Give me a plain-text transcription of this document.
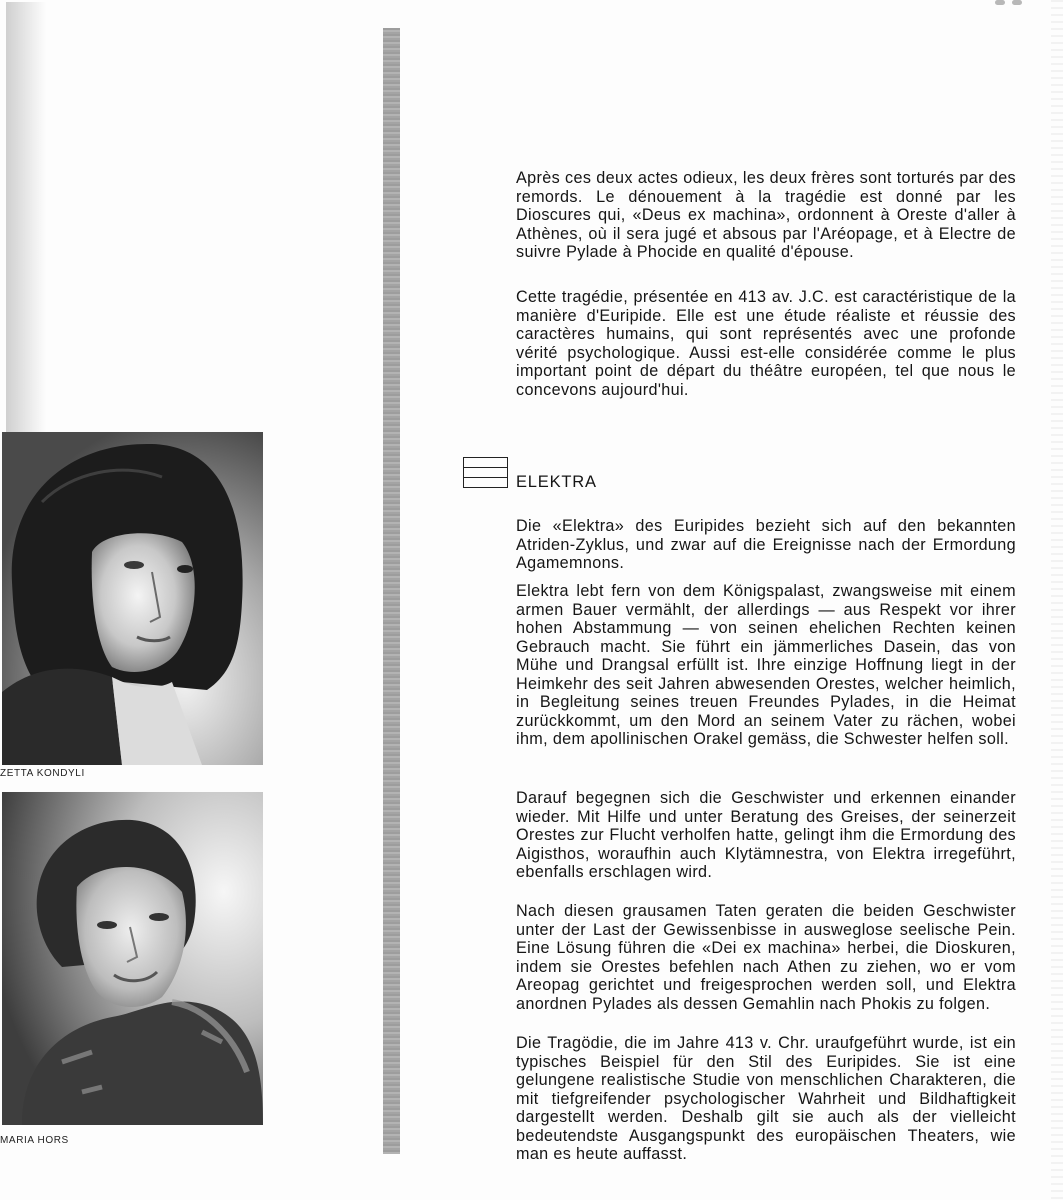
ZETTA KONDYLI
MARIA HORS

Après ces deux actes odieux, les deux frères sont torturés par des remords. Le dénouement à la tragédie est donné par les Dioscures qui, «Deus ex machina», ordonnent à Oreste d'aller à Athènes, où il sera jugé et absous par l'Aréopage, et à Electre de suivre Pylade à Phocide en qualité d'épouse.

Cette tragédie, présentée en 413 av. J.C. est caractéristique de la manière d'Euripide. Elle est une étude réaliste et réussie des caractères humains, qui sont représentés avec une profonde vérité psychologique. Aussi est-elle considérée comme le plus important point de départ du théâtre européen, tel que nous le concevons aujourd'hui.

ELEKTRA

Die «Elektra» des Euripides bezieht sich auf den bekannten Atriden-Zyklus, und zwar auf die Ereignisse nach der Ermordung Agamemnons.

Elektra lebt fern von dem Königspalast, zwangsweise mit einem armen Bauer vermählt, der allerdings — aus Respekt vor ihrer hohen Abstammung — von seinen ehelichen Rechten keinen Gebrauch macht. Sie führt ein jämmerliches Dasein, das von Mühe und Drangsal erfüllt ist. Ihre einzige Hoffnung liegt in der Heimkehr des seit Jahren abwesenden Orestes, welcher heimlich, in Begleitung seines treuen Freundes Pylades, in die Heimat zurückkommt, um den Mord an seinem Vater zu rächen, wobei ihm, dem apollinischen Orakel gemäss, die Schwester helfen soll.

Darauf begegnen sich die Geschwister und erkennen einander wieder. Mit Hilfe und unter Beratung des Greises, der seinerzeit Orestes zur Flucht verholfen hatte, gelingt ihm die Ermordung des Aigisthos, woraufhin auch Klytämnestra, von Elektra irregeführt, ebenfalls erschlagen wird.

Nach diesen grausamen Taten geraten die beiden Geschwister unter der Last der Gewissenbisse in ausweglose seelische Pein. Eine Lösung führen die «Dei ex machina» herbei, die Dioskuren, indem sie Orestes befehlen nach Athen zu ziehen, wo er vom Areopag gerichtet und freigesprochen werden soll, und Elektra anordnen Pylades als dessen Gemahlin nach Phokis zu folgen.

Die Tragödie, die im Jahre 413 v. Chr. uraufgeführt wurde, ist ein typisches Beispiel für den Stil des Euripides. Sie ist eine gelungene realistische Studie von menschlichen Charakteren, die mit tiefgreifender psychologischer Wahrheit und Bildhaftigkeit dargestellt werden. Deshalb gilt sie auch als der vielleicht bedeutendste Ausgangspunkt des europäischen Theaters, wie man es heute auffasst.
